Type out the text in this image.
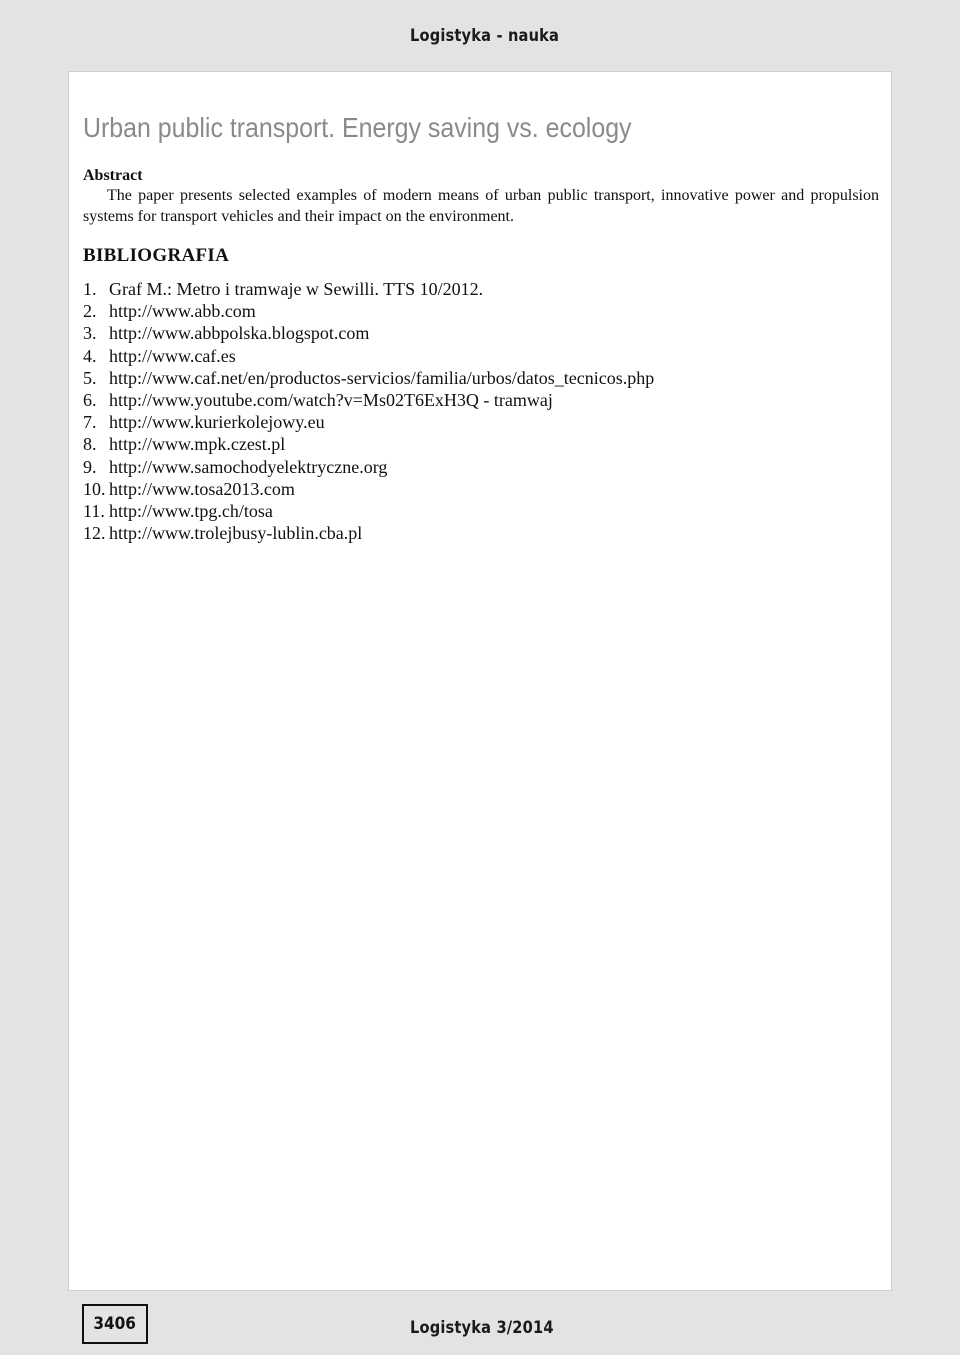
Logistyka - nauka
Urban public transport. Energy saving vs. ecology
Abstract

The paper presents selected examples of modern means of urban public transport, innovative power and propulsion systems for transport vehicles and their impact on the environment.

BIBLIOGRAFIA
1. Graf M.: Metro i tramwaje w Sewilli. TTS 10/2012.
2. http://www.abb.com
3. http://www.abbpolska.blogspot.com
4. http://www.caf.es
5. http://www.caf.net/en/productos-servicios/familia/urbos/datos_tecnicos.php
6. http://www.youtube.com/watch?v=Ms02T6ExH3Q - tramwaj
7. http://www.kurierkolejowy.eu
8. http://www.mpk.czest.pl
9. http://www.samochodyelektryczne.org
10. http://www.tosa2013.com
11. http://www.tpg.ch/tosa
12. http://www.trolejbusy-lublin.cba.pl
3406	Logistyka 3/2014
